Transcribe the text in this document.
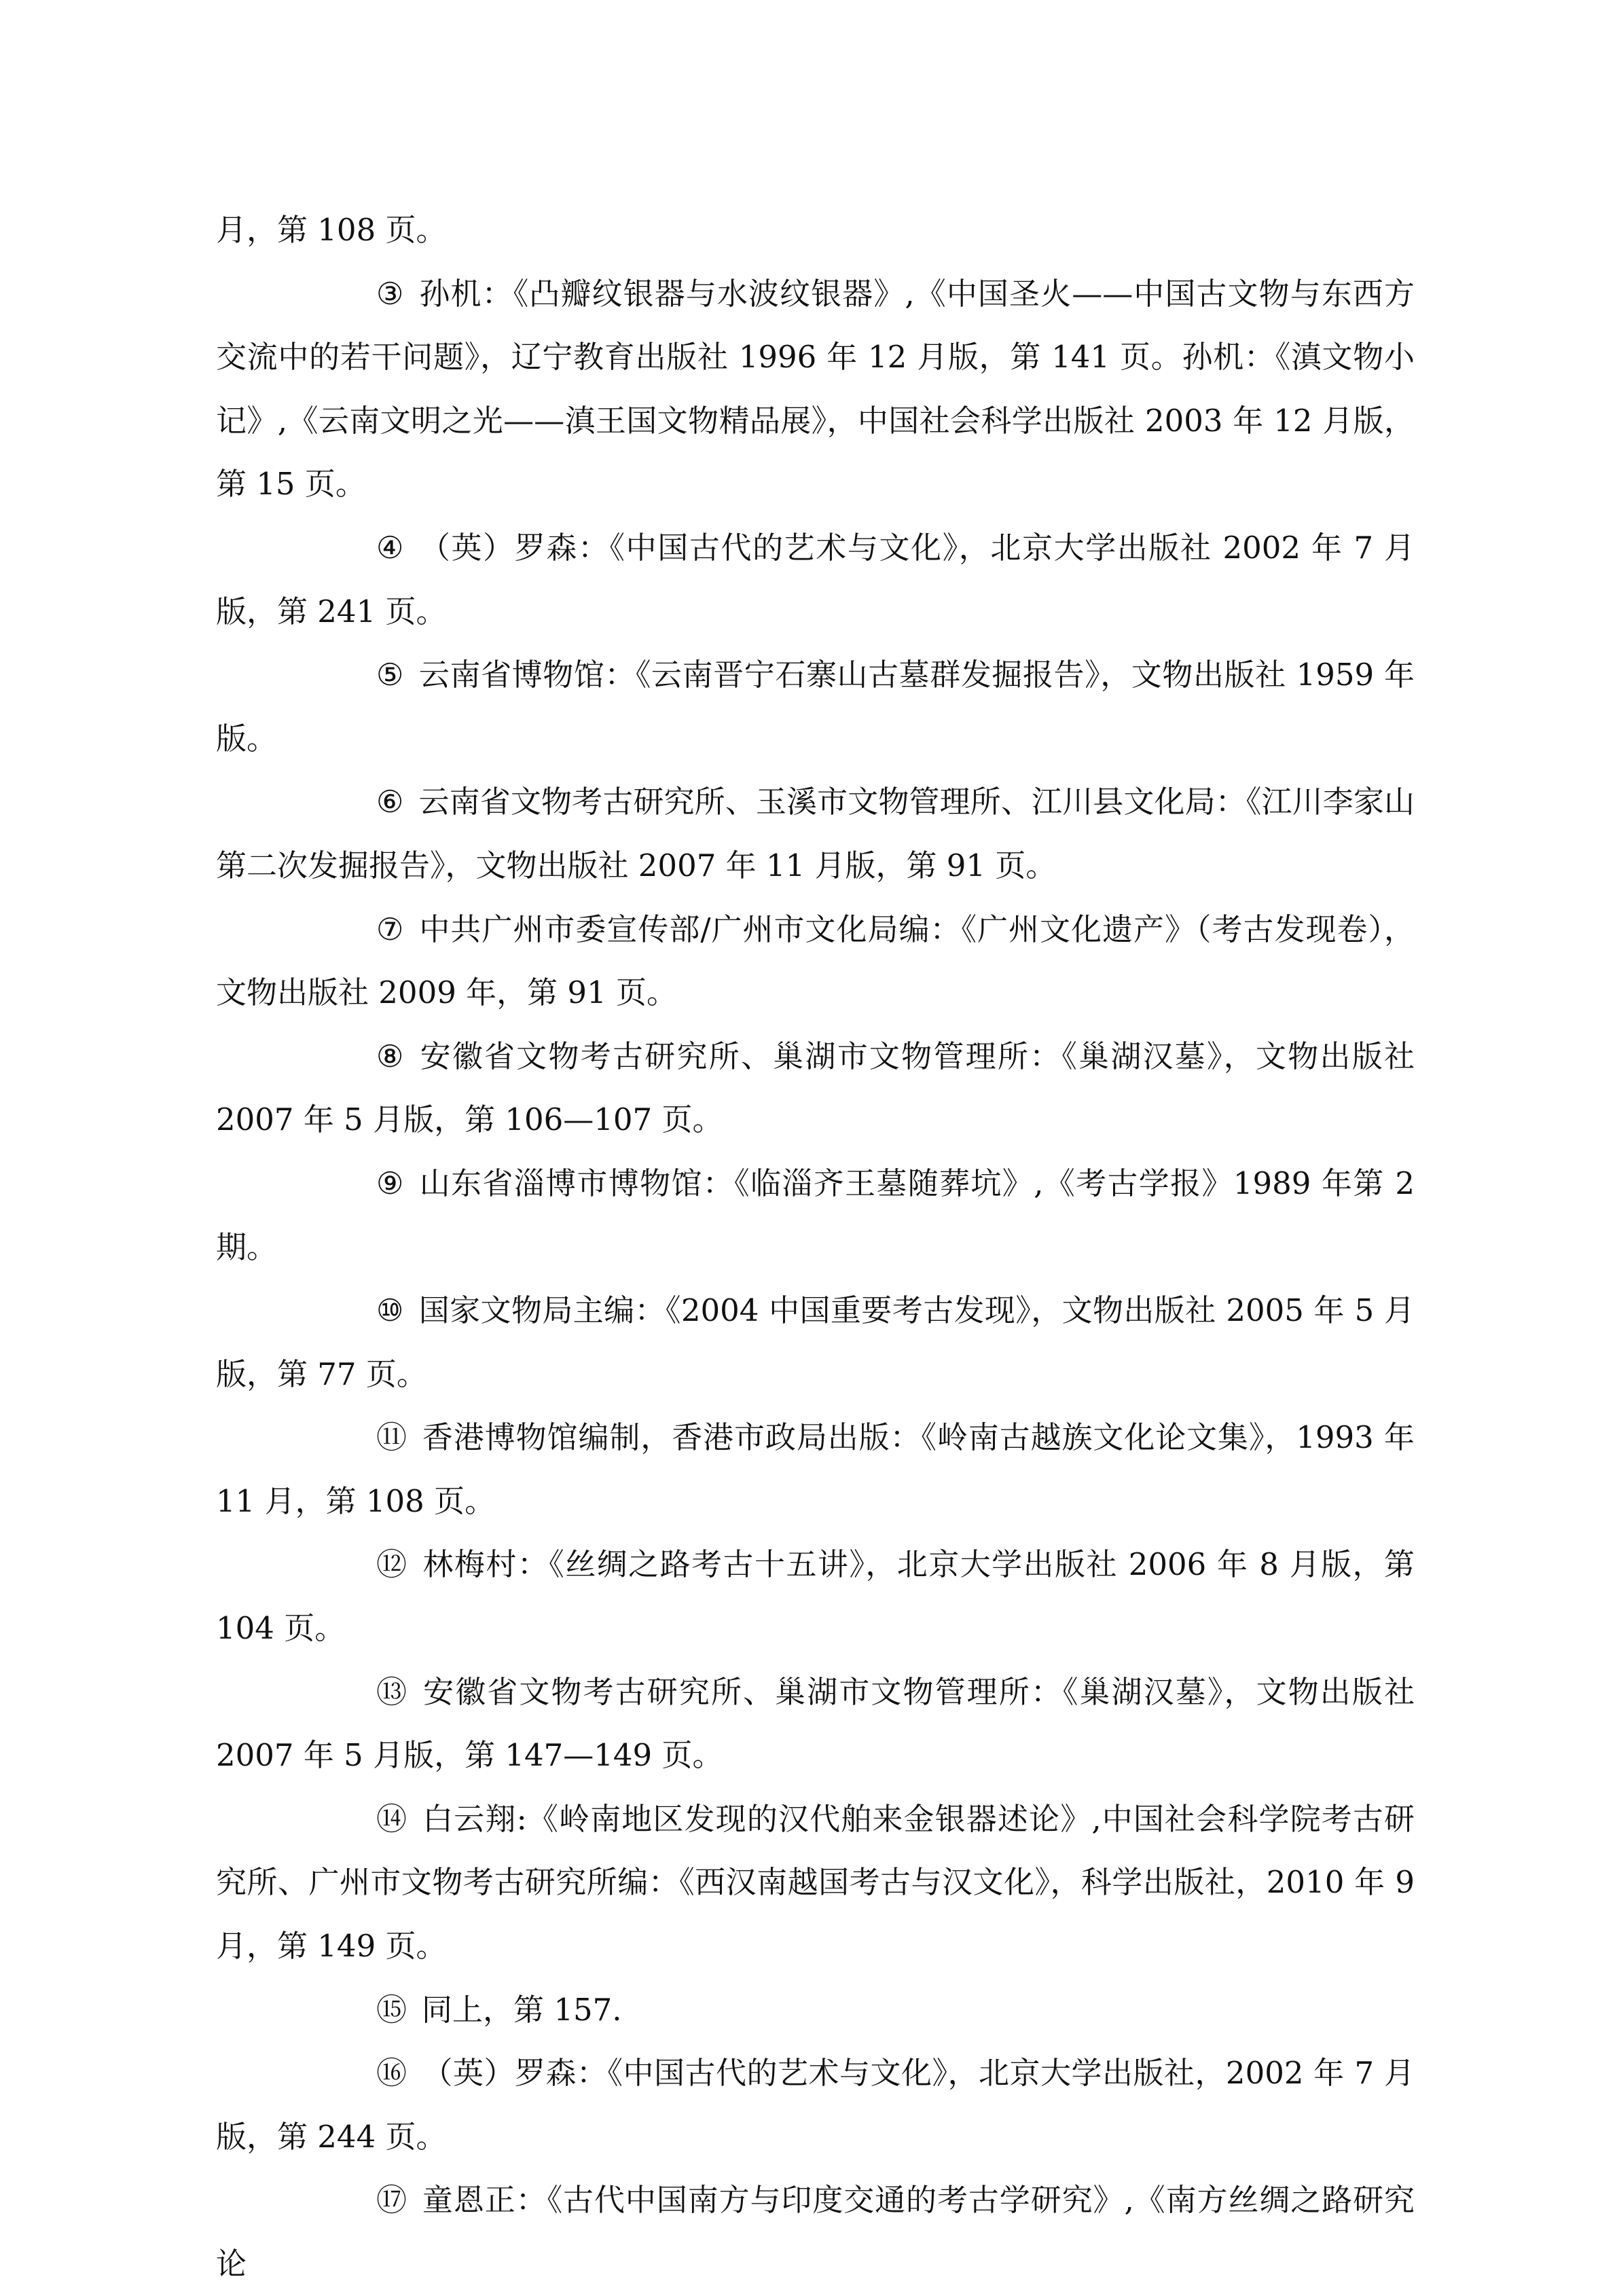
月，第 108 页。

③ 孙机：《凸瓣纹银器与水波纹银器》,《中国圣火——中国古文物与东西方交流中的若干问题》，辽宁教育出版社 1996 年 12 月版，第 141 页。孙机：《滇文物小记》,《云南文明之光——滇王国文物精品展》，中国社会科学出版社 2003 年 12 月版，第 15 页。

④ （英）罗森：《中国古代的艺术与文化》，北京大学出版社 2002 年 7 月版，第 241 页。

⑤ 云南省博物馆：《云南晋宁石寨山古墓群发掘报告》，文物出版社 1959 年版。

⑥ 云南省文物考古研究所、玉溪市文物管理所、江川县文化局：《江川李家山第二次发掘报告》，文物出版社 2007 年 11 月版，第 91 页。

⑦ 中共广州市委宣传部/广州市文化局编：《广州文化遗产》（考古发现卷），文物出版社 2009 年，第 91 页。

⑧ 安徽省文物考古研究所、巢湖市文物管理所：《巢湖汉墓》，文物出版社 2007 年 5 月版，第 106—107 页。

⑨ 山东省淄博市博物馆：《临淄齐王墓随葬坑》,《考古学报》1989 年第 2 期。

⑩ 国家文物局主编：《2004 中国重要考古发现》，文物出版社 2005 年 5 月版，第 77 页。

⑪ 香港博物馆编制，香港市政局出版：《岭南古越族文化论文集》，1993 年 11 月，第 108 页。

⑫ 林梅村：《丝绸之路考古十五讲》，北京大学出版社 2006 年 8 月版，第 104 页。

⑬ 安徽省文物考古研究所、巢湖市文物管理所：《巢湖汉墓》，文物出版社 2007 年 5 月版，第 147—149 页。

⑭ 白云翔:《岭南地区发现的汉代舶来金银器述论》,中国社会科学院考古研究所、广州市文物考古研究所编：《西汉南越国考古与汉文化》，科学出版社，2010 年 9 月，第 149 页。

⑮ 同上，第 157.

⑯ （英）罗森：《中国古代的艺术与文化》，北京大学出版社，2002 年 7 月版，第 244 页。

⑰ 童恩正：《古代中国南方与印度交通的考古学研究》,《南方丝绸之路研究论
